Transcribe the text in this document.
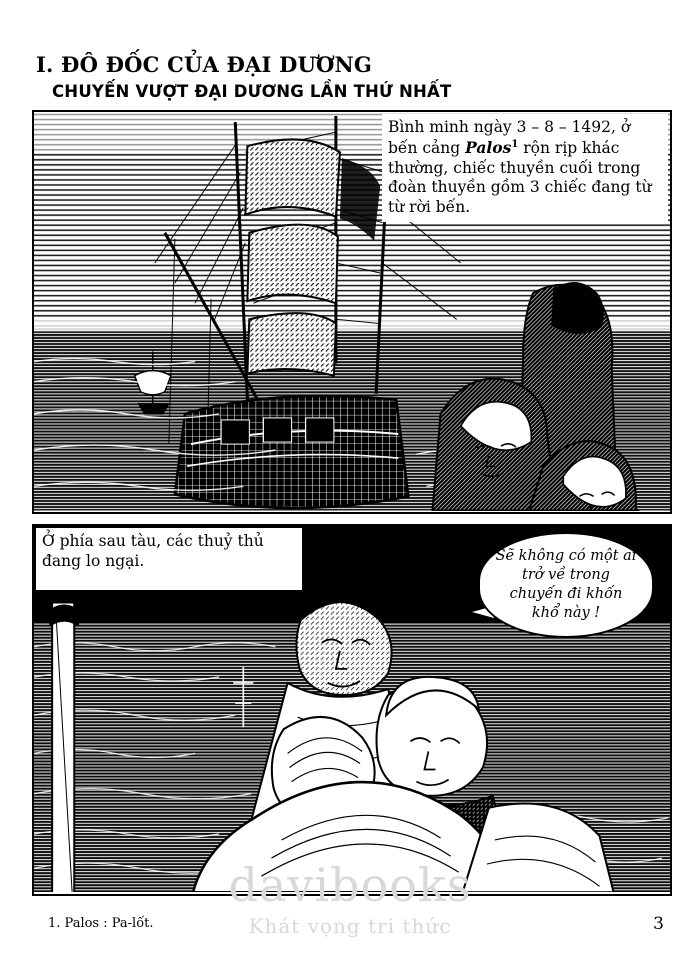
I. ĐÔ ĐỐC CỦA ĐẠI DƯƠNG
CHUYẾN VƯỢT ĐẠI DƯƠNG LẦN THỨ NHẤT
Bình minh ngày 3 – 8 – 1492, ở bến cảng Palos$^1$ rộn rịp khác thường, chiếc thuyền cuối trong đoàn thuyền gồm 3 chiếc đang từ từ rời bến.
Ở phía sau tàu, các thuỷ thủ đang lo ngại.	Sẽ không có một ai trở về trong chuyến đi khốn khổ này !
davibooks
Khát vọng tri thức
1. Palos : Pa-lốt.	3
